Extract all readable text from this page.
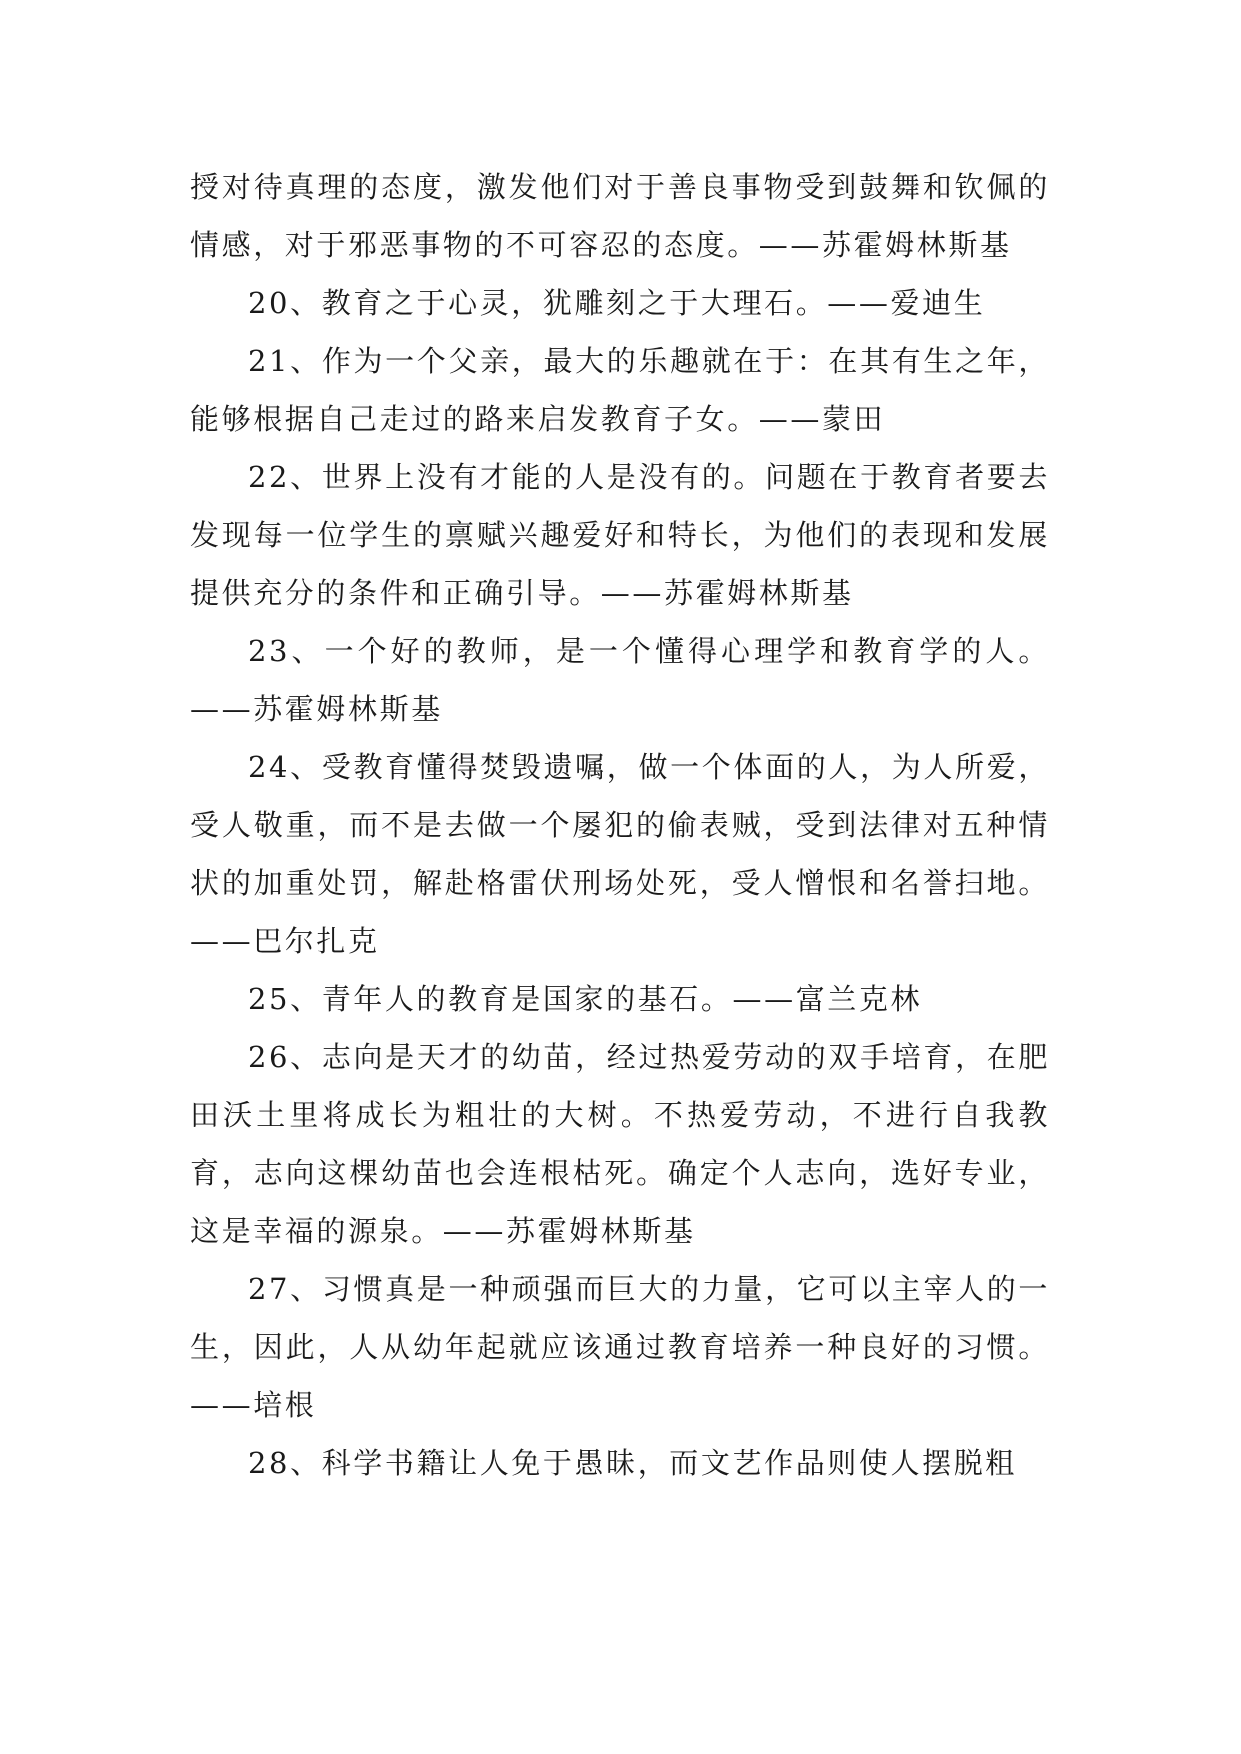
授对待真理的态度，激发他们对于善良事物受到鼓舞和钦佩的情感，对于邪恶事物的不可容忍的态度。——苏霍姆林斯基

20、教育之于心灵，犹雕刻之于大理石。——爱迪生

21、作为一个父亲，最大的乐趣就在于：在其有生之年，能够根据自己走过的路来启发教育子女。——蒙田

22、世界上没有才能的人是没有的。问题在于教育者要去发现每一位学生的禀赋兴趣爱好和特长，为他们的表现和发展提供充分的条件和正确引导。——苏霍姆林斯基

23、一个好的教师，是一个懂得心理学和教育学的人。——苏霍姆林斯基

24、受教育懂得焚毁遗嘱，做一个体面的人，为人所爱，受人敬重，而不是去做一个屡犯的偷表贼，受到法律对五种情状的加重处罚，解赴格雷伏刑场处死，受人憎恨和名誉扫地。——巴尔扎克

25、青年人的教育是国家的基石。——富兰克林

26、志向是天才的幼苗，经过热爱劳动的双手培育，在肥田沃土里将成长为粗壮的大树。不热爱劳动，不进行自我教育，志向这棵幼苗也会连根枯死。确定个人志向，选好专业，这是幸福的源泉。——苏霍姆林斯基

27、习惯真是一种顽强而巨大的力量，它可以主宰人的一生，因此，人从幼年起就应该通过教育培养一种良好的习惯。——培根

28、科学书籍让人免于愚昧，而文艺作品则使人摆脱粗
